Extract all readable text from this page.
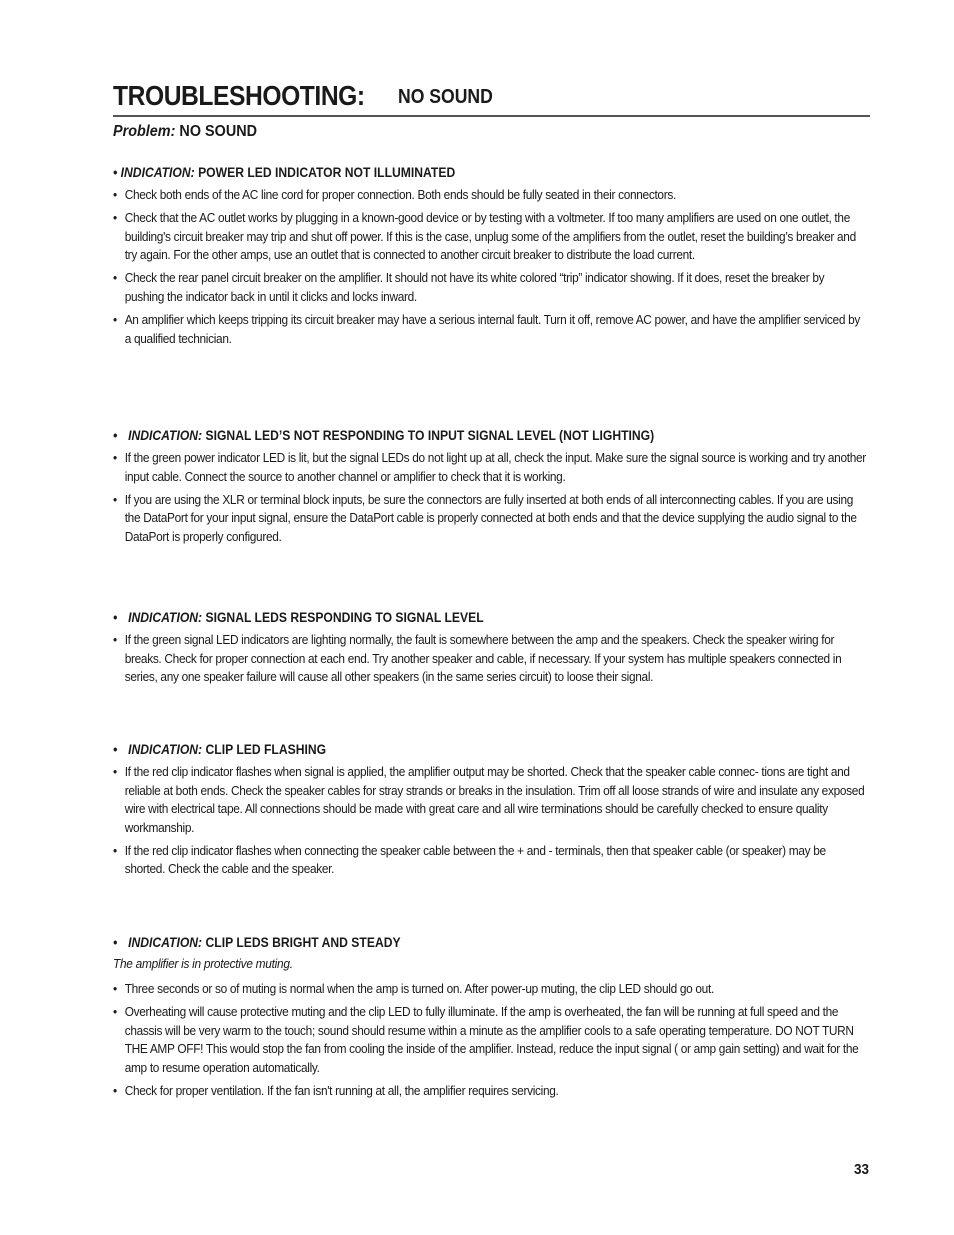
TROUBLESHOOTING: NO SOUND
Problem: NO SOUND
• INDICATION: POWER LED INDICATOR NOT ILLUMINATED
• Check both ends of the AC line cord for proper connection. Both ends should be fully seated in their connectors.
• Check that the AC outlet works by plugging in a known-good device or by testing with a voltmeter. If too many amplifiers are used on one outlet, the building's circuit breaker may trip and shut off power. If this is the case, unplug some of the amplifiers from the outlet, reset the building’s breaker and try again. For the other amps, use an outlet that is connected to another circuit breaker to distribute the load current.
• Check the rear panel circuit breaker on the amplifier. It should not have its white colored “trip” indicator showing. If it does, reset the breaker by pushing the indicator back in until it clicks and locks inward.
• An amplifier which keeps tripping its circuit breaker may have a serious internal fault. Turn it off, remove AC power, and have the amplifier serviced by a qualified technician.
• INDICATION: SIGNAL LED’S NOT RESPONDING TO INPUT SIGNAL LEVEL (NOT LIGHTING)
• If the green power indicator LED is lit, but the signal LEDs do not light up at all, check the input. Make sure the signal source is working and try another input cable. Connect the source to another channel or amplifier to check that it is working.
• If you are using the XLR or terminal block inputs, be sure the connectors are fully inserted at both ends of all interconnecting cables. If you are using the DataPort for your input signal, ensure the DataPort cable is properly connected at both ends and that the device supplying the audio signal to the DataPort is properly configured.
• INDICATION: SIGNAL LEDS RESPONDING TO SIGNAL LEVEL
• If the green signal LED indicators are lighting normally, the fault is somewhere between the amp and the speakers. Check the speaker wiring for breaks. Check for proper connection at each end. Try another speaker and cable, if necessary. If your system has multiple speakers connected in series, any one speaker failure will cause all other speakers (in the same series circuit) to loose their signal.
• INDICATION: CLIP LED FLASHING
• If the red clip indicator flashes when signal is applied, the amplifier output may be shorted. Check that the speaker cable connec- tions are tight and reliable at both ends. Check the speaker cables for stray strands or breaks in the insulation. Trim off all loose strands of wire and insulate any exposed wire with electrical tape. All connections should be made with great care and all wire terminations should be carefully checked to ensure quality workmanship.
• If the red clip indicator flashes when connecting the speaker cable between the + and - terminals, then that speaker cable (or speaker) may be shorted. Check the cable and the speaker.
• INDICATION: CLIP LEDS BRIGHT AND STEADY
The amplifier is in protective muting.
• Three seconds or so of muting is normal when the amp is turned on. After power-up muting, the clip LED should go out.
• Overheating will cause protective muting and the clip LED to fully illuminate. If the amp is overheated, the fan will be running at full speed and the chassis will be very warm to the touch; sound should resume within a minute as the amplifier cools to a safe operating temperature. DO NOT TURN THE AMP OFF! This would stop the fan from cooling the inside of the amplifier. Instead, reduce the input signal ( or amp gain setting) and wait for the amp to resume operation automatically.
• Check for proper ventilation. If the fan isn't running at all, the amplifier requires servicing.
33
